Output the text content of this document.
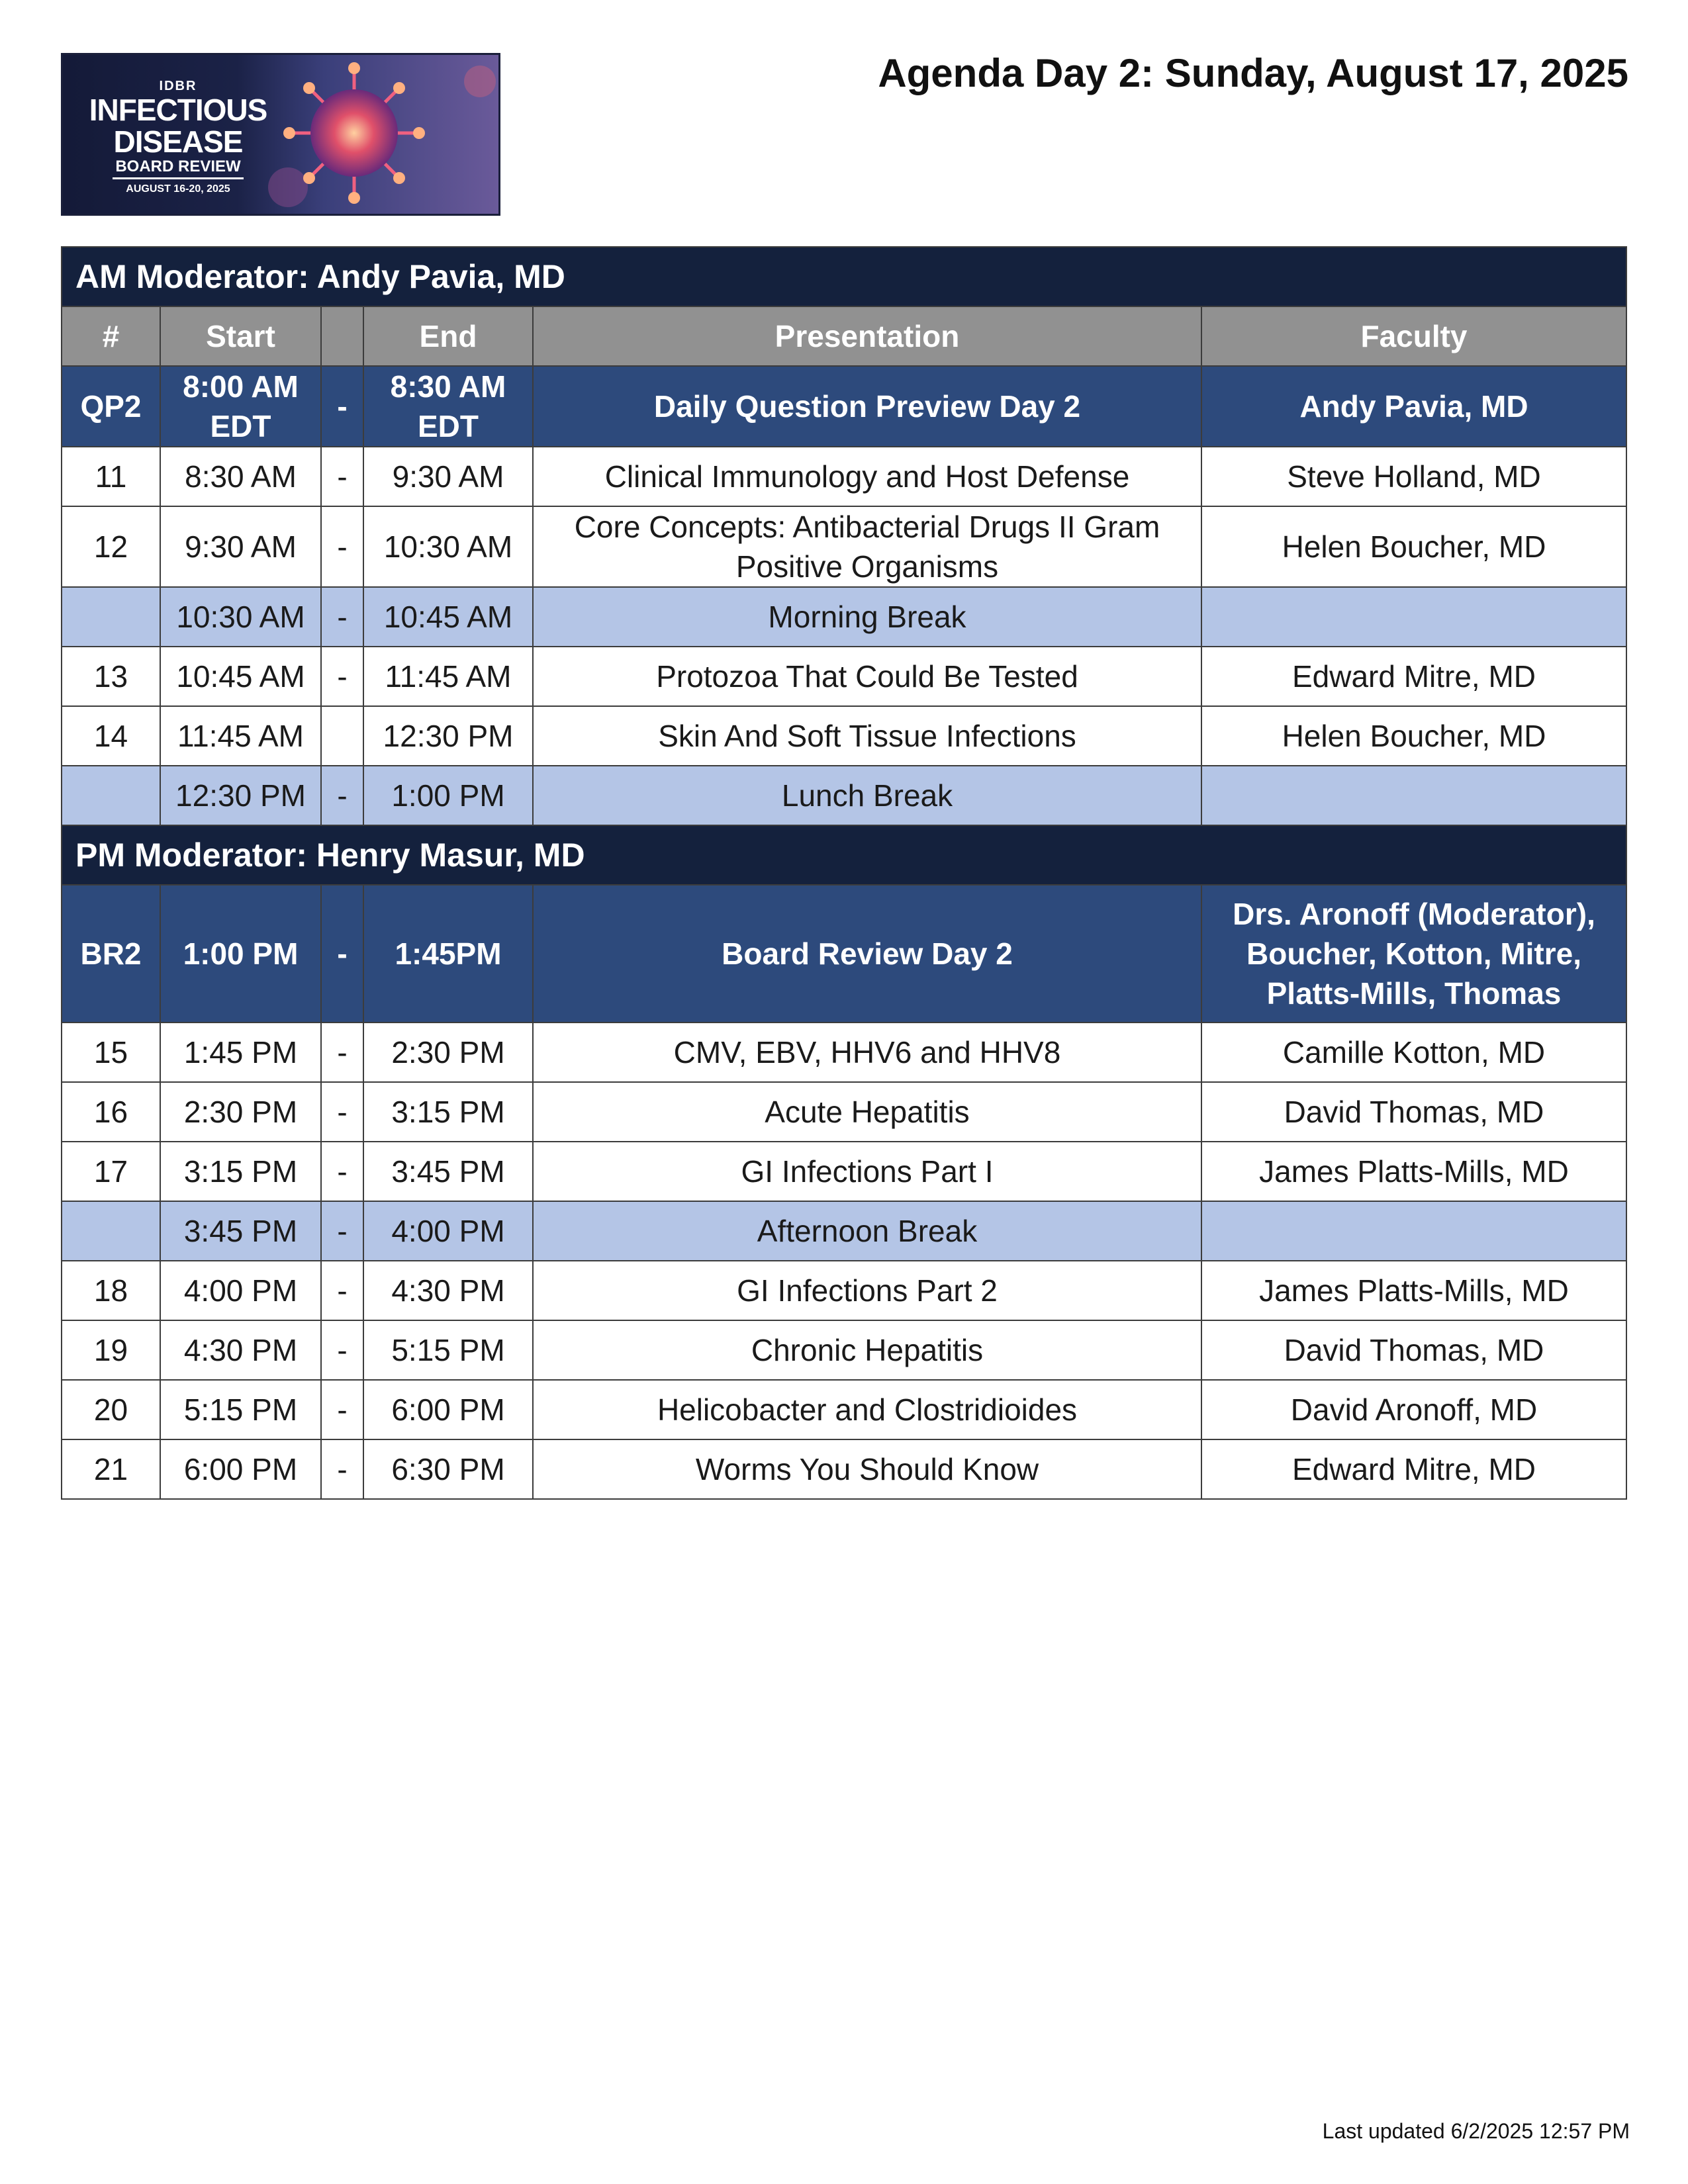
IDBR
INFECTIOUS
DISEASE
BOARD REVIEW
AUGUST 16-20, 2025
Agenda Day 2: Sunday, August 17, 2025
AM Moderator: Andy Pavia, MD					
#	Start		End	Presentation	Faculty
QP2	8:00 AM EDT	-	8:30 AM EDT	Daily Question Preview Day 2	Andy Pavia, MD
11	8:30 AM	-	9:30 AM	Clinical Immunology and Host Defense	Steve Holland, MD
12	9:30 AM	-	10:30 AM	Core Concepts: Antibacterial Drugs II Gram Positive Organisms	Helen Boucher, MD
	10:30 AM	-	10:45 AM	Morning Break	
13	10:45 AM	-	11:45 AM	Protozoa That Could Be Tested	Edward Mitre, MD
14	11:45 AM		12:30 PM	Skin And Soft Tissue Infections	Helen Boucher, MD
	12:30 PM	-	1:00 PM	Lunch Break	
PM Moderator: Henry Masur, MD					
BR2	1:00 PM	-	1:45PM	Board Review Day 2	Drs. Aronoff (Moderator), Boucher, Kotton, Mitre, Platts-Mills, Thomas
15	1:45 PM	-	2:30 PM	CMV, EBV, HHV6 and HHV8	Camille Kotton, MD
16	2:30 PM	-	3:15 PM	Acute Hepatitis	David Thomas, MD
17	3:15 PM	-	3:45 PM	GI Infections Part I	James Platts-Mills, MD
	3:45 PM	-	4:00 PM	Afternoon Break	
18	4:00 PM	-	4:30 PM	GI Infections Part 2	James Platts-Mills, MD
19	4:30 PM	-	5:15 PM	Chronic Hepatitis	David Thomas, MD
20	5:15 PM	-	6:00 PM	Helicobacter and Clostridioides	David Aronoff, MD
21	6:00 PM	-	6:30 PM	Worms You Should Know	Edward Mitre, MD
Last updated 6/2/2025 12:57 PM
